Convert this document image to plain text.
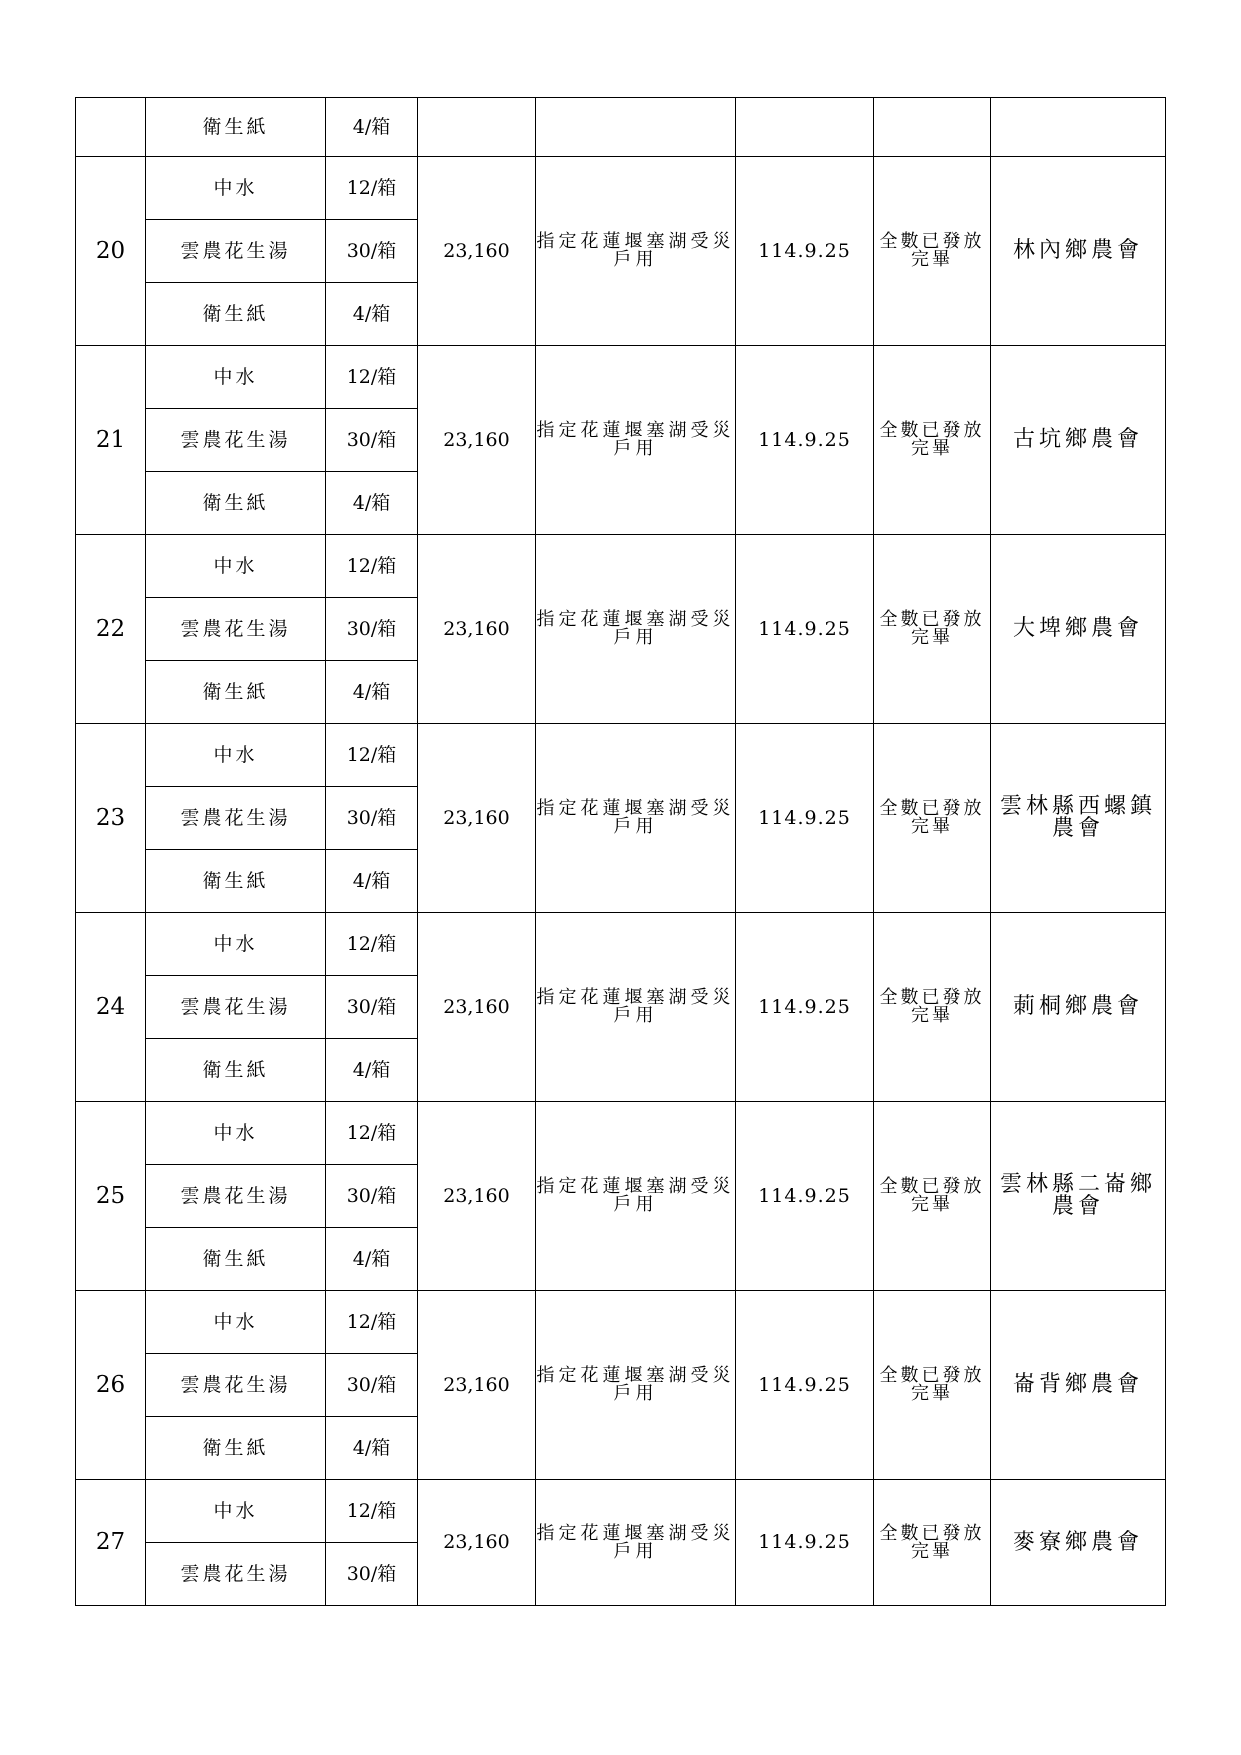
	衛生紙	4/箱					
20	中水	12/箱	23,160	指定花蓮堰塞湖受災戶用	114.9.25	全數已發放完畢	林內鄉農會
	雲農花生湯	30/箱					
	衛生紙	4/箱					
21	中水	12/箱	23,160	指定花蓮堰塞湖受災戶用	114.9.25	全數已發放完畢	古坑鄉農會
	雲農花生湯	30/箱					
	衛生紙	4/箱					
22	中水	12/箱	23,160	指定花蓮堰塞湖受災戶用	114.9.25	全數已發放完畢	大埤鄉農會
	雲農花生湯	30/箱					
	衛生紙	4/箱					
23	中水	12/箱	23,160	指定花蓮堰塞湖受災戶用	114.9.25	全數已發放完畢	雲林縣西螺鎮農會
	雲農花生湯	30/箱					
	衛生紙	4/箱					
24	中水	12/箱	23,160	指定花蓮堰塞湖受災戶用	114.9.25	全數已發放完畢	莿桐鄉農會
	雲農花生湯	30/箱					
	衛生紙	4/箱					
25	中水	12/箱	23,160	指定花蓮堰塞湖受災戶用	114.9.25	全數已發放完畢	雲林縣二崙鄉農會
	雲農花生湯	30/箱					
	衛生紙	4/箱					
26	中水	12/箱	23,160	指定花蓮堰塞湖受災戶用	114.9.25	全數已發放完畢	崙背鄉農會
	雲農花生湯	30/箱					
	衛生紙	4/箱					
27	中水	12/箱	23,160	指定花蓮堰塞湖受災戶用	114.9.25	全數已發放完畢	麥寮鄉農會
	雲農花生湯	30/箱					
